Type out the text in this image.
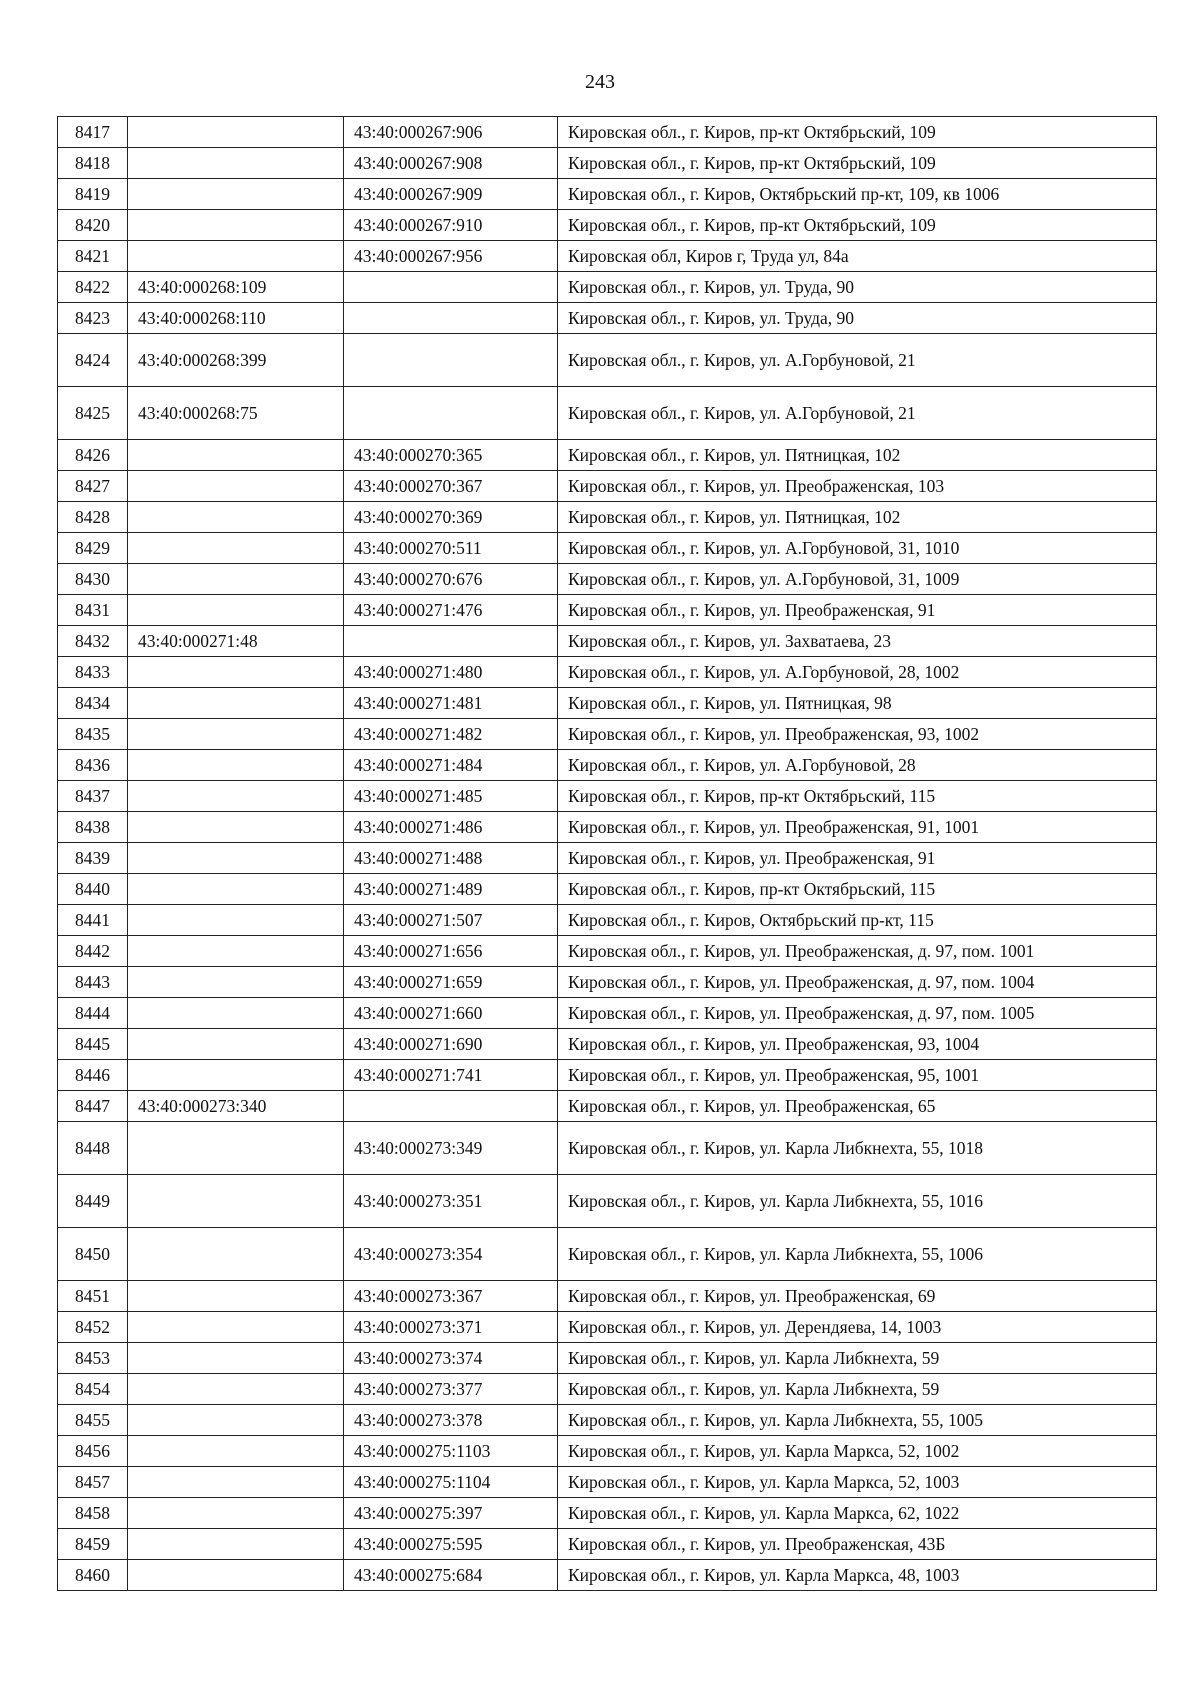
243
8417		43:40:000267:906	Кировская обл., г. Киров, пр-кт Октябрьский, 109
8418		43:40:000267:908	Кировская обл., г. Киров, пр-кт Октябрьский, 109
8419		43:40:000267:909	Кировская обл., г. Киров, Октябрьский пр-кт, 109, кв 1006
8420		43:40:000267:910	Кировская обл., г. Киров, пр-кт Октябрьский, 109
8421		43:40:000267:956	Кировская обл, Киров г, Труда ул, 84а
8422	43:40:000268:109		Кировская обл., г. Киров, ул. Труда, 90
8423	43:40:000268:110		Кировская обл., г. Киров, ул. Труда, 90
8424	43:40:000268:399		Кировская обл., г. Киров, ул. А.Горбуновой, 21
8425	43:40:000268:75		Кировская обл., г. Киров, ул. А.Горбуновой, 21
8426		43:40:000270:365	Кировская обл., г. Киров, ул. Пятницкая, 102
8427		43:40:000270:367	Кировская обл., г. Киров, ул. Преображенская, 103
8428		43:40:000270:369	Кировская обл., г. Киров, ул. Пятницкая, 102
8429		43:40:000270:511	Кировская обл., г. Киров, ул. А.Горбуновой, 31, 1010
8430		43:40:000270:676	Кировская обл., г. Киров, ул. А.Горбуновой, 31, 1009
8431		43:40:000271:476	Кировская обл., г. Киров, ул. Преображенская, 91
8432	43:40:000271:48		Кировская обл., г. Киров, ул. Захватаева, 23
8433		43:40:000271:480	Кировская обл., г. Киров, ул. А.Горбуновой, 28, 1002
8434		43:40:000271:481	Кировская обл., г. Киров, ул. Пятницкая, 98
8435		43:40:000271:482	Кировская обл., г. Киров, ул. Преображенская, 93, 1002
8436		43:40:000271:484	Кировская обл., г. Киров, ул. А.Горбуновой, 28
8437		43:40:000271:485	Кировская обл., г. Киров, пр-кт Октябрьский, 115
8438		43:40:000271:486	Кировская обл., г. Киров, ул. Преображенская, 91, 1001
8439		43:40:000271:488	Кировская обл., г. Киров, ул. Преображенская, 91
8440		43:40:000271:489	Кировская обл., г. Киров, пр-кт Октябрьский, 115
8441		43:40:000271:507	Кировская обл., г. Киров, Октябрьский пр-кт, 115
8442		43:40:000271:656	Кировская обл., г. Киров, ул. Преображенская, д. 97, пом. 1001
8443		43:40:000271:659	Кировская обл., г. Киров, ул. Преображенская, д. 97, пом. 1004
8444		43:40:000271:660	Кировская обл., г. Киров, ул. Преображенская, д. 97, пом. 1005
8445		43:40:000271:690	Кировская обл., г. Киров, ул. Преображенская, 93, 1004
8446		43:40:000271:741	Кировская обл., г. Киров, ул. Преображенская, 95, 1001
8447	43:40:000273:340		Кировская обл., г. Киров, ул. Преображенская, 65
8448		43:40:000273:349	Кировская обл., г. Киров, ул. Карла Либкнехта, 55, 1018
8449		43:40:000273:351	Кировская обл., г. Киров, ул. Карла Либкнехта, 55, 1016
8450		43:40:000273:354	Кировская обл., г. Киров, ул. Карла Либкнехта, 55, 1006
8451		43:40:000273:367	Кировская обл., г. Киров, ул. Преображенская, 69
8452		43:40:000273:371	Кировская обл., г. Киров, ул. Дерендяева, 14, 1003
8453		43:40:000273:374	Кировская обл., г. Киров, ул. Карла Либкнехта, 59
8454		43:40:000273:377	Кировская обл., г. Киров, ул. Карла Либкнехта, 59
8455		43:40:000273:378	Кировская обл., г. Киров, ул. Карла Либкнехта, 55, 1005
8456		43:40:000275:1103	Кировская обл., г. Киров, ул. Карла Маркса, 52, 1002
8457		43:40:000275:1104	Кировская обл., г. Киров, ул. Карла Маркса, 52, 1003
8458		43:40:000275:397	Кировская обл., г. Киров, ул. Карла Маркса, 62, 1022
8459		43:40:000275:595	Кировская обл., г. Киров, ул. Преображенская, 43Б
8460		43:40:000275:684	Кировская обл., г. Киров, ул. Карла Маркса, 48, 1003
